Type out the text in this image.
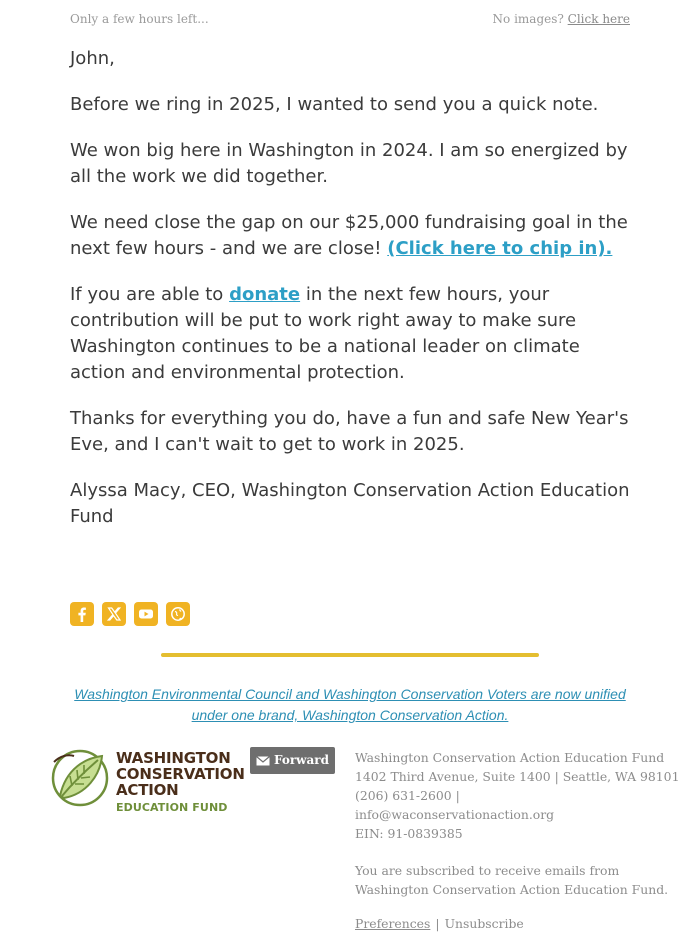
Only a few hours left...	No images? Click here

John,

Before we ring in 2025, I wanted to send you a quick note.

We won big here in Washington in 2024. I am so energized by all the work we did together.

We need close the gap on our $25,000 fundraising goal in the next few hours - and we are close! (Click here to chip in).

If you are able to donate in the next few hours, your contribution will be put to work right away to make sure Washington continues to be a national leader on climate action and environmental protection.

Thanks for everything you do, have a fun and safe New Year's Eve, and I can't wait to get to work in 2025.

Alyssa Macy, CEO, Washington Conservation Action Education Fund

Washington Environmental Council and Washington Conservation Voters are now unified
under one brand, Washington Conservation Action.
WASHINGTON
CONSERVATION
ACTION
EDUCATION FUND
Forward	Washington Conservation Action Education Fund
1402 Third Avenue, Suite 1400 | Seattle, WA 98101
(206) 631-2600 |
info@waconservationaction.org
EIN: 91-0839385
You are subscribed to receive emails from
Washington Conservation Action Education Fund.
Preferences | Unsubscribe
